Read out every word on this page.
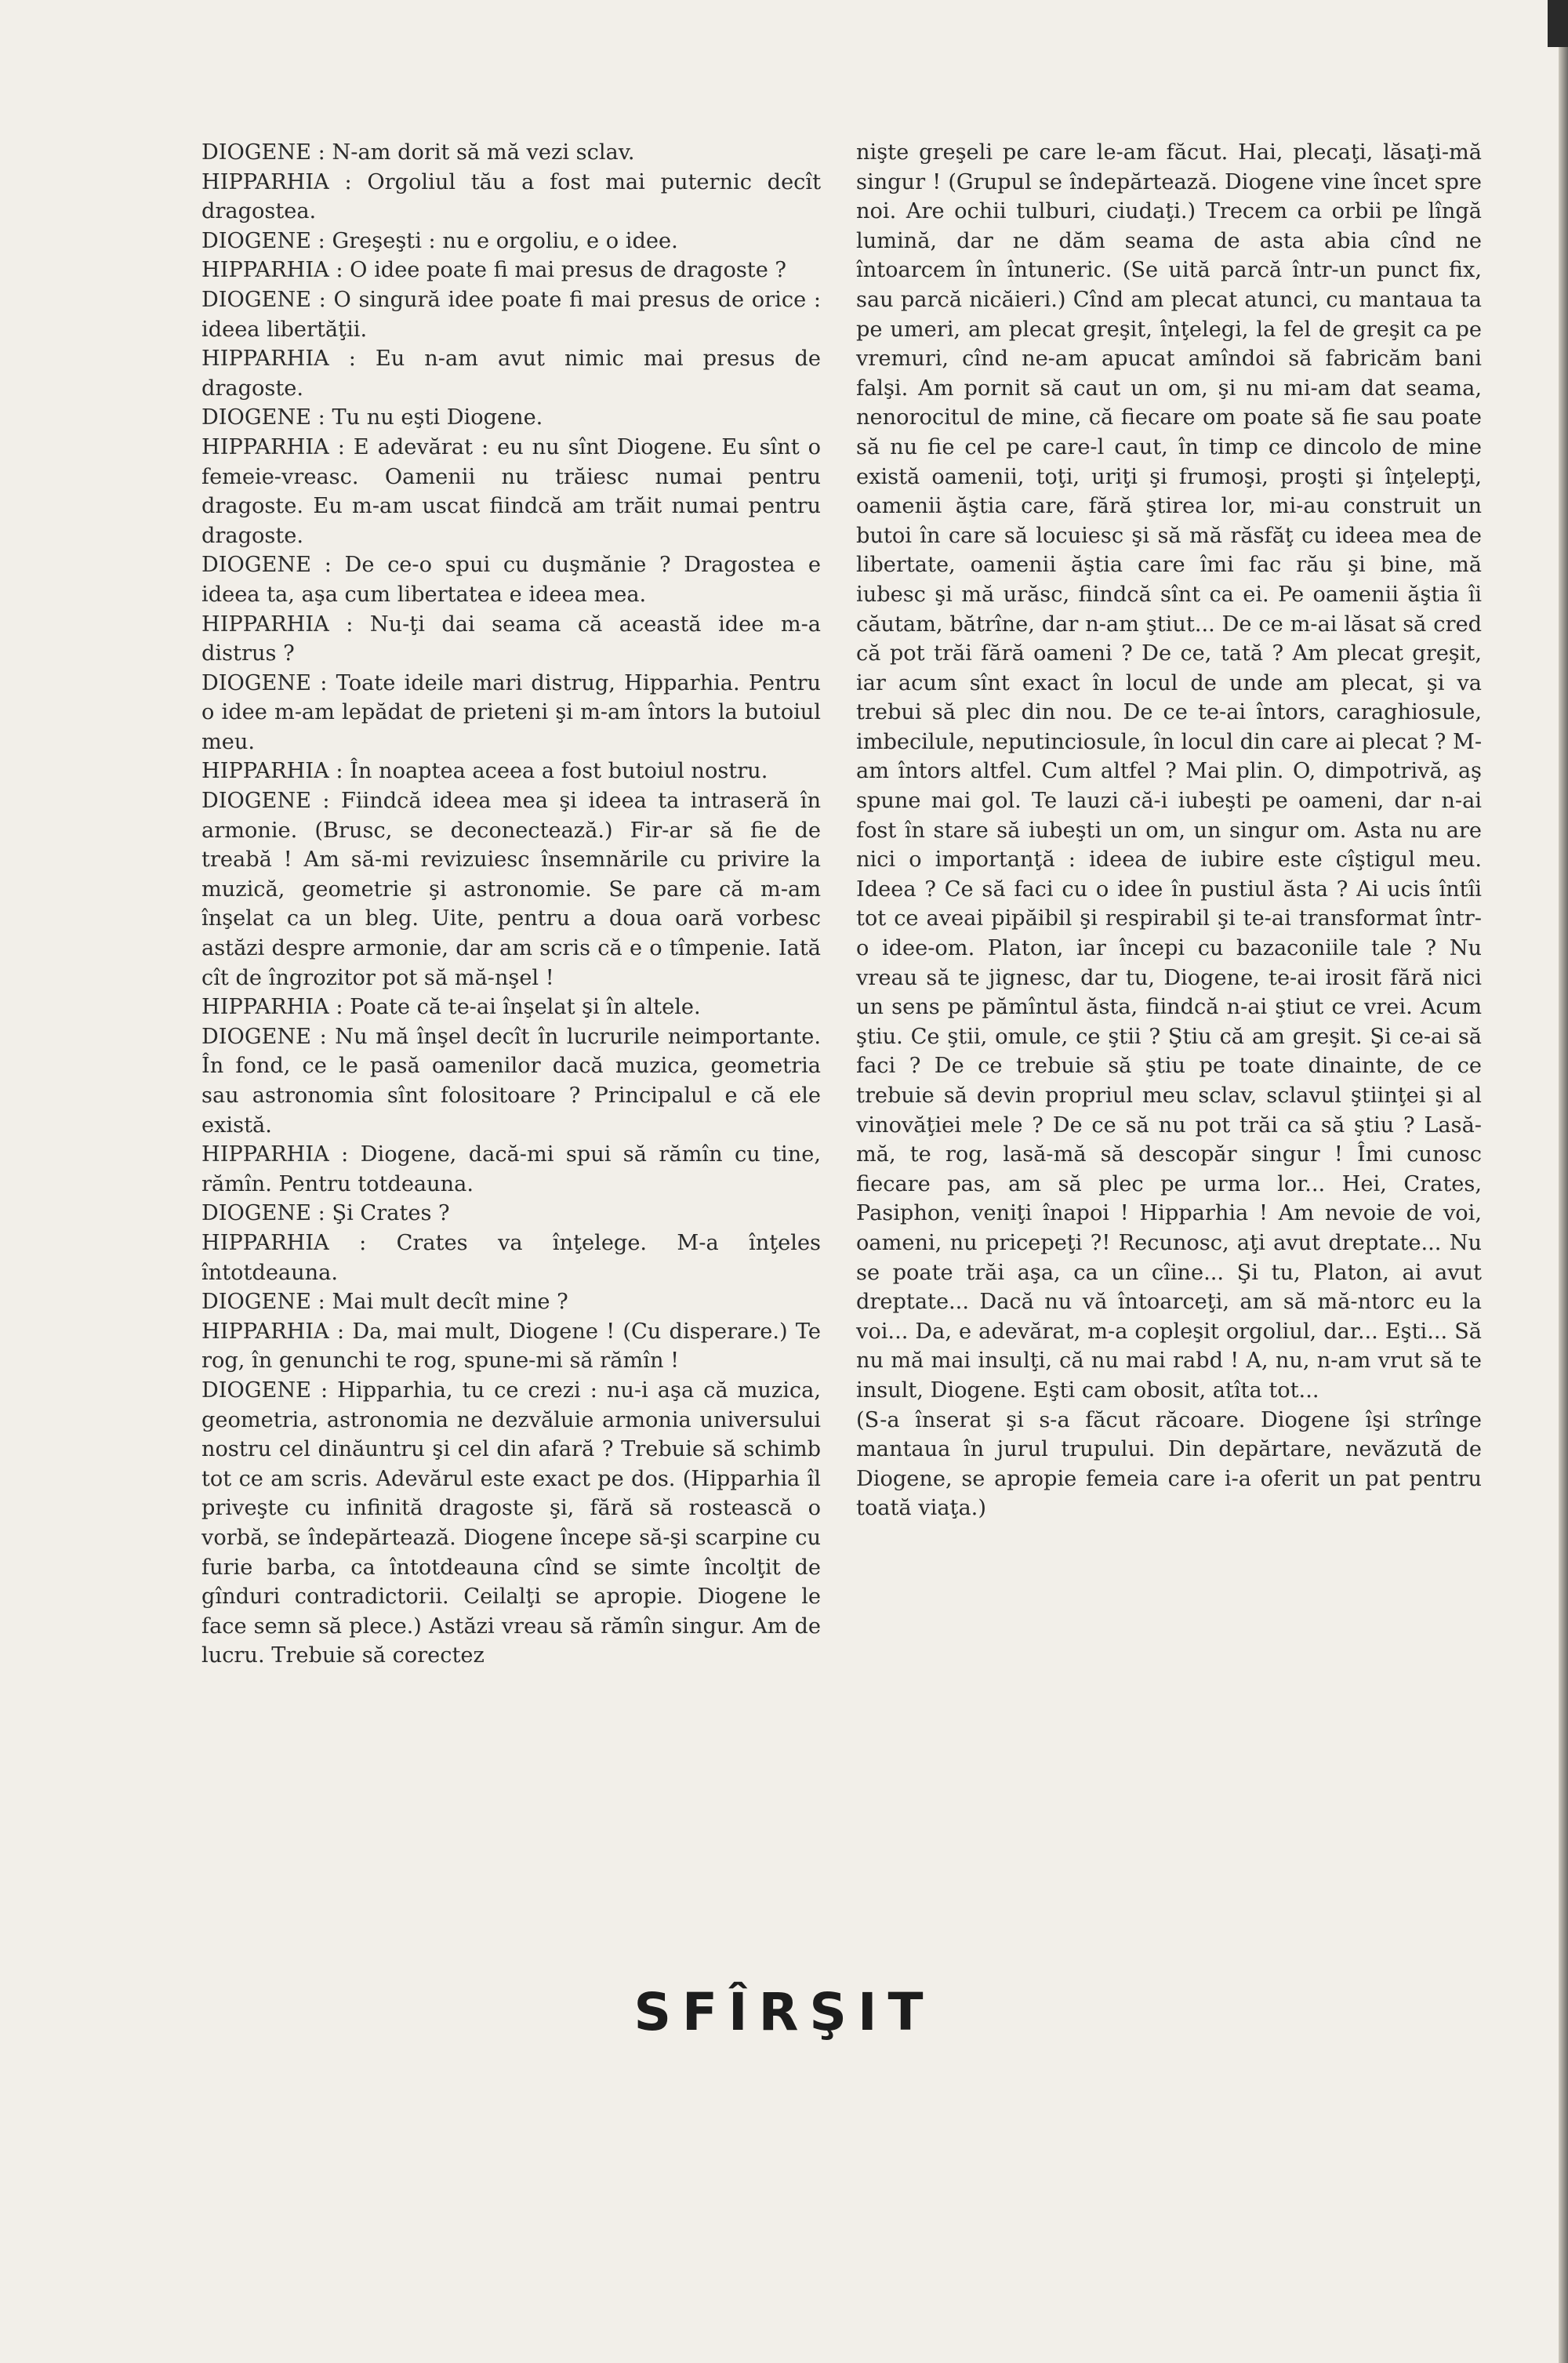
DIOGENE : N-am dorit să mă vezi sclav.

HIPPARHIA : Orgoliul tău a fost mai puternic decît dragostea.

DIOGENE : Greşeşti : nu e orgoliu, e o idee.

HIPPARHIA : O idee poate fi mai presus de dragoste ?

DIOGENE : O singură idee poate fi mai presus de orice : ideea libertăţii.

HIPPARHIA : Eu n-am avut nimic mai presus de dragoste.

DIOGENE : Tu nu eşti Diogene.

HIPPARHIA : E adevărat : eu nu sînt Diogene. Eu sînt o femeie-vreasc. Oamenii nu trăiesc numai pentru dragoste. Eu m-am uscat fiindcă am trăit numai pentru dragoste.

DIOGENE : De ce-o spui cu duşmănie ? Dragostea e ideea ta, aşa cum libertatea e ideea mea.

HIPPARHIA : Nu-ţi dai seama că această idee m-a distrus ?

DIOGENE : Toate ideile mari distrug, Hipparhia. Pentru o idee m-am lepădat de prieteni şi m-am întors la butoiul meu.

HIPPARHIA : În noaptea aceea a fost butoiul nostru.

DIOGENE : Fiindcă ideea mea şi ideea ta intraseră în armonie. (Brusc, se deconectează.) Fir-ar să fie de treabă ! Am să-mi revizuiesc însemnările cu privire la muzică, geometrie şi astronomie. Se pare că m-am înşelat ca un bleg. Uite, pentru a doua oară vorbesc astăzi despre armonie, dar am scris că e o tîmpenie. Iată cît de îngrozitor pot să mă-nşel !

HIPPARHIA : Poate că te-ai înşelat şi în altele.

DIOGENE : Nu mă înşel decît în lucrurile neimportante. În fond, ce le pasă oamenilor dacă muzica, geometria sau astronomia sînt folositoare ? Principalul e că ele există.

HIPPARHIA : Diogene, dacă-mi spui să rămîn cu tine, rămîn. Pentru totdeauna.

DIOGENE : Şi Crates ?

HIPPARHIA : Crates va înţelege. M-a înţeles întotdeauna.

DIOGENE : Mai mult decît mine ?

HIPPARHIA : Da, mai mult, Diogene ! (Cu disperare.) Te rog, în genunchi te rog, spune-mi să rămîn !

DIOGENE : Hipparhia, tu ce crezi : nu-i aşa că muzica, geometria, astronomia ne dezvăluie armonia universului nostru cel dinăuntru şi cel din afară ? Trebuie să schimb tot ce am scris. Adevărul este exact pe dos. (Hipparhia îl priveşte cu infinită dragoste şi, fără să rostească o vorbă, se îndepărtează. Diogene începe să-şi scarpine cu furie barba, ca întotdeauna cînd se simte încolţit de gînduri contradictorii. Ceilalţi se apropie. Diogene le face semn să plece.) Astăzi vreau să rămîn singur. Am de lucru. Trebuie să corectez

nişte greşeli pe care le-am făcut. Hai, plecaţi, lăsaţi-mă singur ! (Grupul se îndepărtează. Diogene vine încet spre noi. Are ochii tulburi, ciudaţi.) Trecem ca orbii pe lîngă lumină, dar ne dăm seama de asta abia cînd ne întoarcem în întuneric. (Se uită parcă într-un punct fix, sau parcă nicăieri.) Cînd am plecat atunci, cu mantaua ta pe umeri, am plecat greşit, înţelegi, la fel de greşit ca pe vremuri, cînd ne-am apucat amîndoi să fabricăm bani falşi. Am pornit să caut un om, şi nu mi-am dat seama, nenorocitul de mine, că fiecare om poate să fie sau poate să nu fie cel pe care-l caut, în timp ce dincolo de mine există oamenii, toţi, uriţi şi frumoşi, proşti şi înţelepţi, oamenii ăştia care, fără ştirea lor, mi-au construit un butoi în care să locuiesc şi să mă răsfăţ cu ideea mea de libertate, oamenii ăştia care îmi fac rău şi bine, mă iubesc şi mă urăsc, fiindcă sînt ca ei. Pe oamenii ăştia îi căutam, bătrîne, dar n-am ştiut... De ce m-ai lăsat să cred că pot trăi fără oameni ? De ce, tată ? Am plecat greşit, iar acum sînt exact în locul de unde am plecat, şi va trebui să plec din nou. De ce te-ai întors, caraghiosule, imbecilule, neputinciosule, în locul din care ai plecat ? M-am întors altfel. Cum altfel ? Mai plin. O, dimpotrivă, aş spune mai gol. Te lauzi că-i iubeşti pe oameni, dar n-ai fost în stare să iubeşti un om, un singur om. Asta nu are nici o importanţă : ideea de iubire este cîştigul meu. Ideea ? Ce să faci cu o idee în pustiul ăsta ? Ai ucis întîi tot ce aveai pipăibil şi respirabil şi te-ai transformat într-o idee-om. Platon, iar începi cu bazaconiile tale ? Nu vreau să te jignesc, dar tu, Diogene, te-ai irosit fără nici un sens pe pămîntul ăsta, fiindcă n-ai ştiut ce vrei. Acum ştiu. Ce ştii, omule, ce ştii ? Ştiu că am greşit. Şi ce-ai să faci ? De ce trebuie să ştiu pe toate dinainte, de ce trebuie să devin propriul meu sclav, sclavul ştiinţei şi al vinovăţiei mele ? De ce să nu pot trăi ca să ştiu ? Lasă-mă, te rog, lasă-mă să descopăr singur ! Îmi cunosc fiecare pas, am să plec pe urma lor... Hei, Crates, Pasiphon, veniţi înapoi ! Hipparhia ! Am nevoie de voi, oameni, nu pricepeţi ?! Recunosc, aţi avut dreptate... Nu se poate trăi aşa, ca un cîine... Şi tu, Platon, ai avut dreptate... Dacă nu vă întoarceţi, am să mă-ntorc eu la voi... Da, e adevărat, m-a copleşit orgoliul, dar... Eşti... Să nu mă mai insulţi, că nu mai rabd ! A, nu, n-am vrut să te insult, Diogene. Eşti cam obosit, atîta tot...

(S-a înserat şi s-a făcut răcoare. Diogene îşi strînge mantaua în jurul trupului. Din depărtare, nevăzută de Diogene, se apropie femeia care i-a oferit un pat pentru toată viaţa.)

SFÎRŞIT
